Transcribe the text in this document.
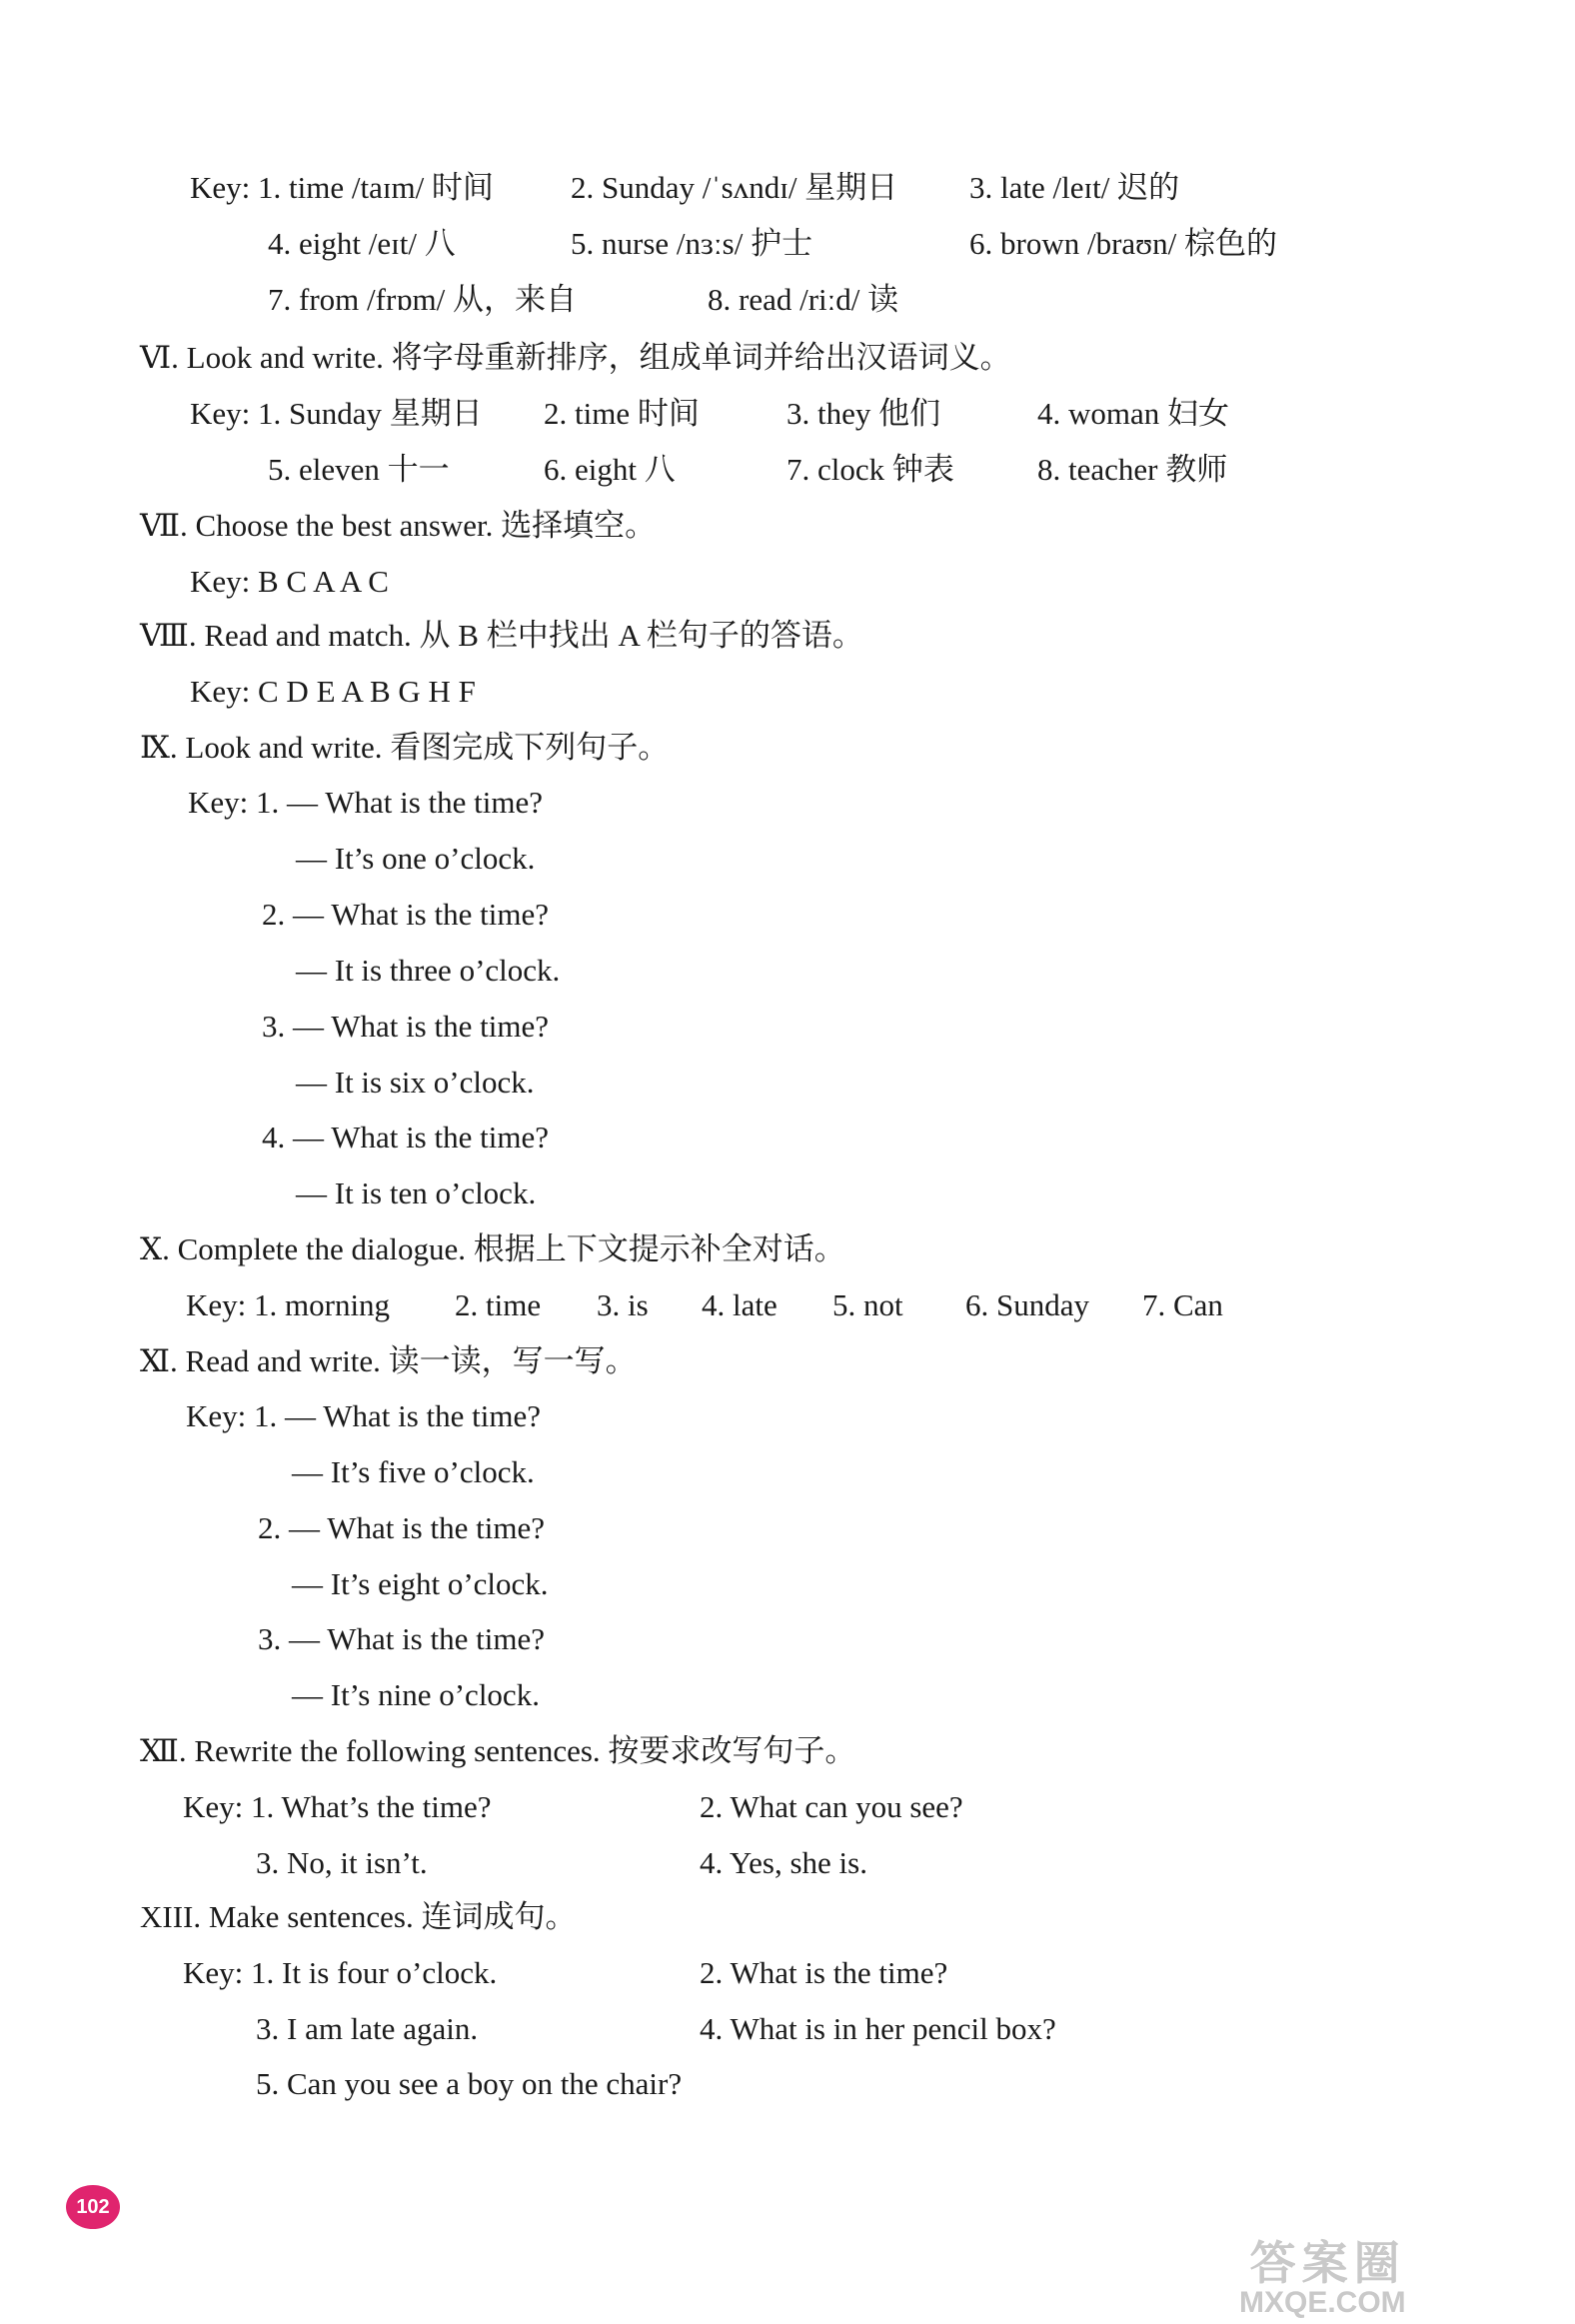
Key: 1. time /taɪm/ 时间 2. Sunday /ˈsʌndɪ/ 星期日 3. late /leɪt/ 迟的
4. eight /eɪt/ 八	5. nurse /nɜːs/ 护士	6. brown /braʊn/ 棕色的
7. from /frɒm/ 从，来自	8. read /riːd/ 读
Ⅵ. Look and write. 将字母重新排序，组成单词并给出汉语词义。
Key: 1. Sunday 星期日 2. time 时间	3. they 他们	4. woman 妇女
5. eleven 十一	6. eight 八	7. clock 钟表	8. teacher 教师
Ⅶ. Choose the best answer. 选择填空。
Key: B C A A C
Ⅷ. Read and match. 从 B 栏中找出 A 栏句子的答语。
Key: C D E A B G H F
Ⅸ. Look and write. 看图完成下列句子。
Key: 1. — What is the time?
— It’s one o’clock.
2. — What is the time?
— It is three o’clock.
3. — What is the time?
— It is six o’clock.
4. — What is the time?
— It is ten o’clock.
Ⅹ. Complete the dialogue. 根据上下文提示补全对话。
Key: 1. morning 2. time 3. is 4. late 5. not 6. Sunday 7. Can
Ⅺ. Read and write. 读一读，写一写。
Key: 1. — What is the time?
— It’s five o’clock.
2. — What is the time?
— It’s eight o’clock.
3. — What is the time?
— It’s nine o’clock.
Ⅻ. Rewrite the following sentences. 按要求改写句子。
Key: 1. What’s the time?	2. What can you see?
3. No, it isn’t.	4. Yes, she is.
XIII. Make sentences. 连词成句。
Key: 1. It is four o’clock.	2. What is the time?
3. I am late again.	4. What is in her pencil box?
5. Can you see a boy on the chair?
102
答案圈
MXQE.COM
